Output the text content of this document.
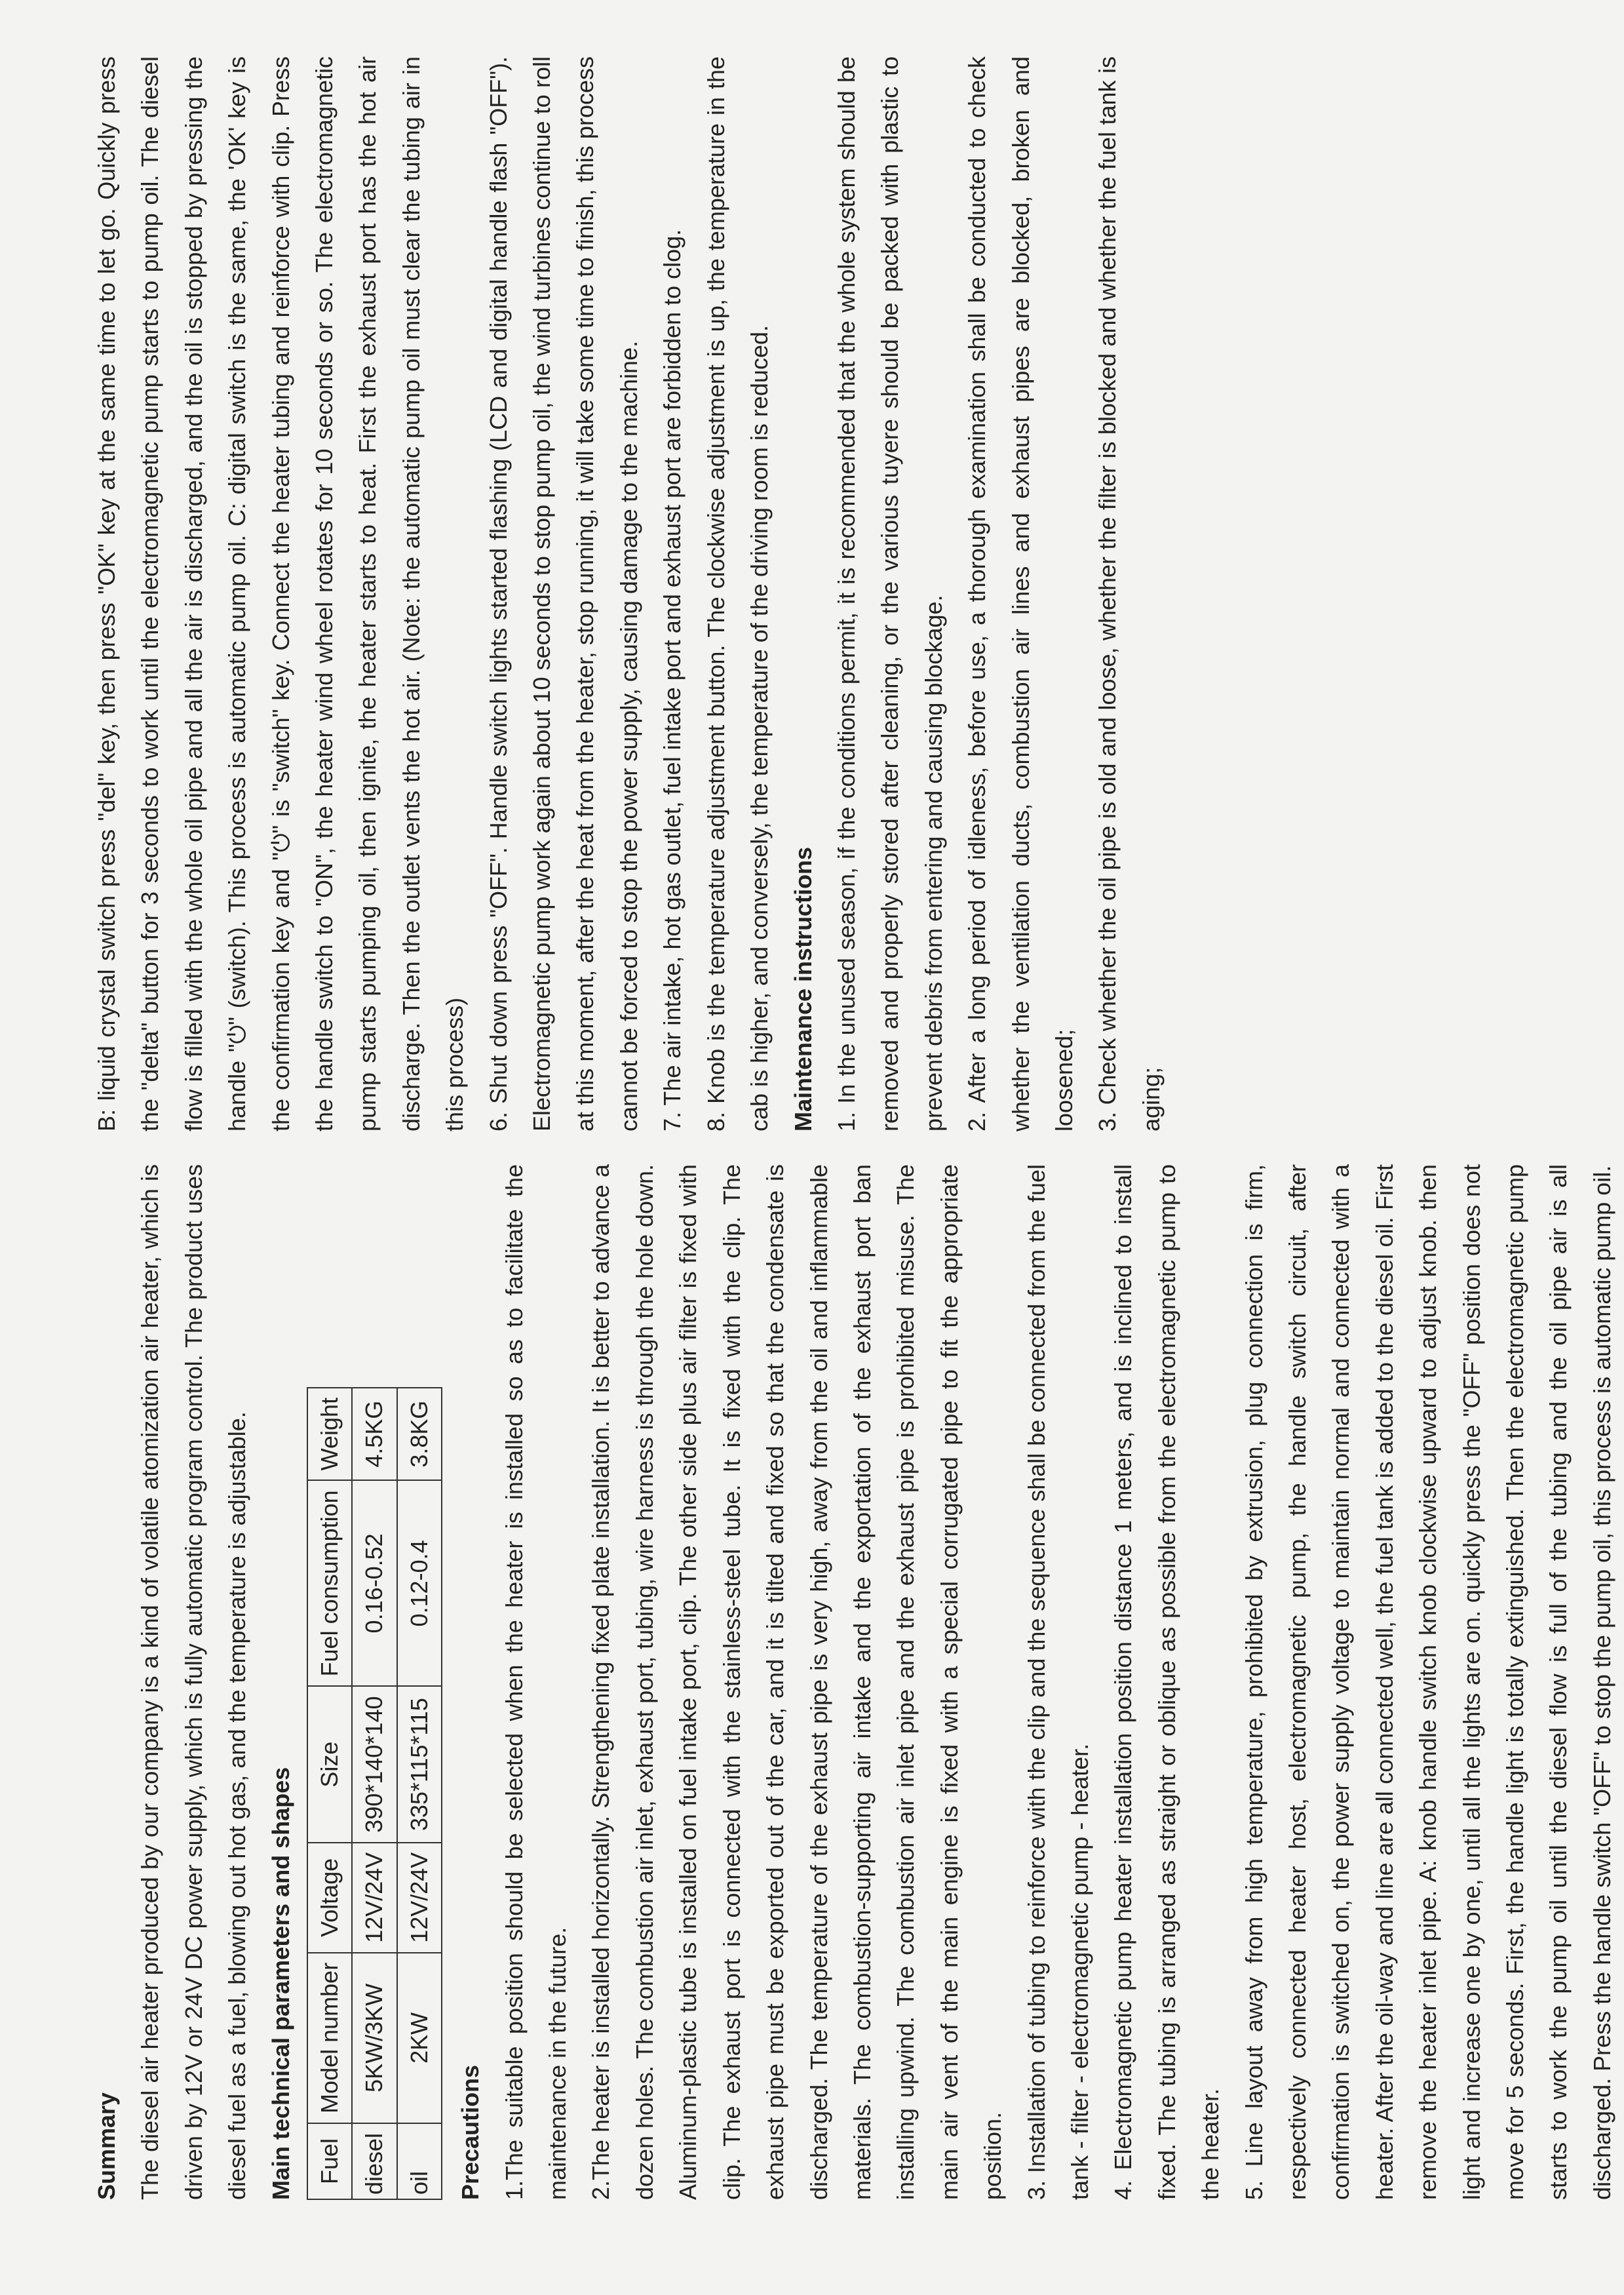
Summary The diesel air heater produced by our company is a kind of volatile atomization air heater, which is driven by 12V or 24V DC power supply, which is fully automatic program control. The product uses diesel fuel as a fuel, blowing out hot gas, and the temperature is adjustable. Main technical parameters and shapes Fuel	Model number	Voltage	Size	Fuel consumption	Weight
diesel	5KW/3KW	12V/24V	390*140*140	0.16-0.52	4.5KG
oil	2KW	12V/24V	335*115*115	0.12-0.4	3.8KG

Precautions 1.The suitable position should be selected when the heater is installed so as to facilitate the maintenance in the future. 2.The heater is installed horizontally. Strengthening fixed plate installation. It is better to advance a dozen holes. The combustion air inlet, exhaust port, tubing, wire harness is through the hole down. Aluminum-plastic tube is installed on fuel intake port, clip. The other side plus air filter is fixed with clip. The exhaust port is connected with the stainless-steel tube. It is fixed with the clip. The exhaust pipe must be exported out of the car, and it is tilted and fixed so that the condensate is discharged. The temperature of the exhaust pipe is very high, away from the oil and inflammable materials. The combustion-supporting air intake and the exportation of the exhaust port ban installing upwind. The combustion air inlet pipe and the exhaust pipe is prohibited misuse. The main air vent of the main engine is fixed with a special corrugated pipe to fit the appropriate position. 3. Installation of tubing to reinforce with the clip and the sequence shall be connected from the fuel tank - filter - electromagnetic pump - heater. 4. Electromagnetic pump heater installation position distance 1 meters, and is inclined to install fixed. The tubing is arranged as straight or oblique as possible from the electromagnetic pump to the heater. 5. Line layout away from high temperature, prohibited by extrusion, plug connection is firm, respectively connected heater host, electromagnetic pump, the handle switch circuit, after confirmation is switched on, the power supply voltage to maintain normal and connected with a heater. After the oil-way and line are all connected well, the fuel tank is added to the diesel oil. First remove the heater inlet pipe. A: knob handle switch knob clockwise upward to adjust knob. then light and increase one by one, until all the lights are on. quickly press the "OFF" position does not move for 5 seconds. First, the handle light is totally extinguished. Then the electromagnetic pump starts to work the pump oil until the diesel flow is full of the tubing and the oil pipe air is all discharged. Press the handle switch "OFF" to stop the pump oil, this process is automatic pump oil.

B: liquid crystal switch press "del" key, then press "OK" key at the same time to let go. Quickly press the "delta" button for 3 seconds to work until the electromagnetic pump starts to pump oil. The diesel flow is filled with the whole oil pipe and all the air is discharged, and the oil is stopped by pressing the handle "⏻" (switch). This process is automatic pump oil. C: digital switch is the same, the 'OK' key is the confirmation key and "⏻" is "switch" key. Connect the heater tubing and reinforce with clip. Press the handle switch to "ON", the heater wind wheel rotates for 10 seconds or so. The electromagnetic pump starts pumping oil, then ignite, the heater starts to heat. First the exhaust port has the hot air discharge. Then the outlet vents the hot air. (Note: the automatic pump oil must clear the tubing air in this process) 6. Shut down press "OFF". Handle switch lights started flashing (LCD and digital handle flash "OFF"). Electromagnetic pump work again about 10 seconds to stop pump oil, the wind turbines continue to roll at this moment, after the heat from the heater, stop running, it will take some time to finish, this process cannot be forced to stop the power supply, causing damage to the machine. 7. The air intake, hot gas outlet, fuel intake port and exhaust port are forbidden to clog. 8. Knob is the temperature adjustment button. The clockwise adjustment is up, the temperature in the cab is higher, and conversely, the temperature of the driving room is reduced. Maintenance instructions 1. In the unused season, if the conditions permit, it is recommended that the whole system should be removed and properly stored after cleaning, or the various tuyere should be packed with plastic to prevent debris from entering and causing blockage. 2. After a long period of idleness, before use, a thorough examination shall be conducted to check whether the ventilation ducts, combustion air lines and exhaust pipes are blocked, broken and loosened; 3. Check whether the oil pipe is old and loose, whether the filter is blocked and whether the fuel tank is aging;
